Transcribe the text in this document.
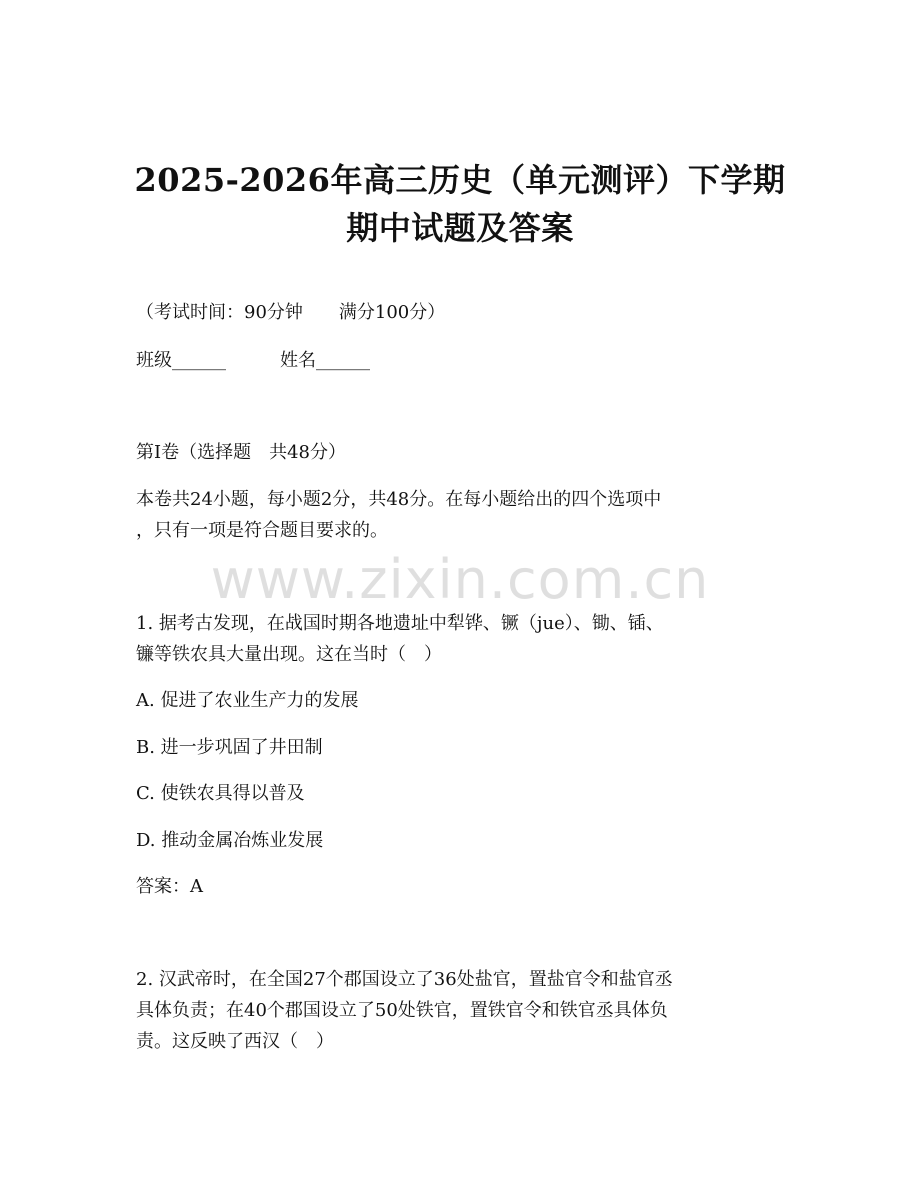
2025-2026年高三历史（单元测评）下学期
期中试题及答案
（考试时间：90分钟　　满分100分）
班级______　　　姓名______
第Ⅰ卷（选择题　共48分）
本卷共24小题，每小题2分，共48分。在每小题给出的四个选项中
，只有一项是符合题目要求的。
www.zixin.com.cn
1. 据考古发现，在战国时期各地遗址中犁铧、镢（jue）、锄、锸、
镰等铁农具大量出现。这在当时（　）
A. 促进了农业生产力的发展
B. 进一步巩固了井田制
C. 使铁农具得以普及
D. 推动金属冶炼业发展
答案：A
2. 汉武帝时，在全国27个郡国设立了36处盐官，置盐官令和盐官丞
具体负责；在40个郡国设立了50处铁官，置铁官令和铁官丞具体负
责。这反映了西汉（　）
